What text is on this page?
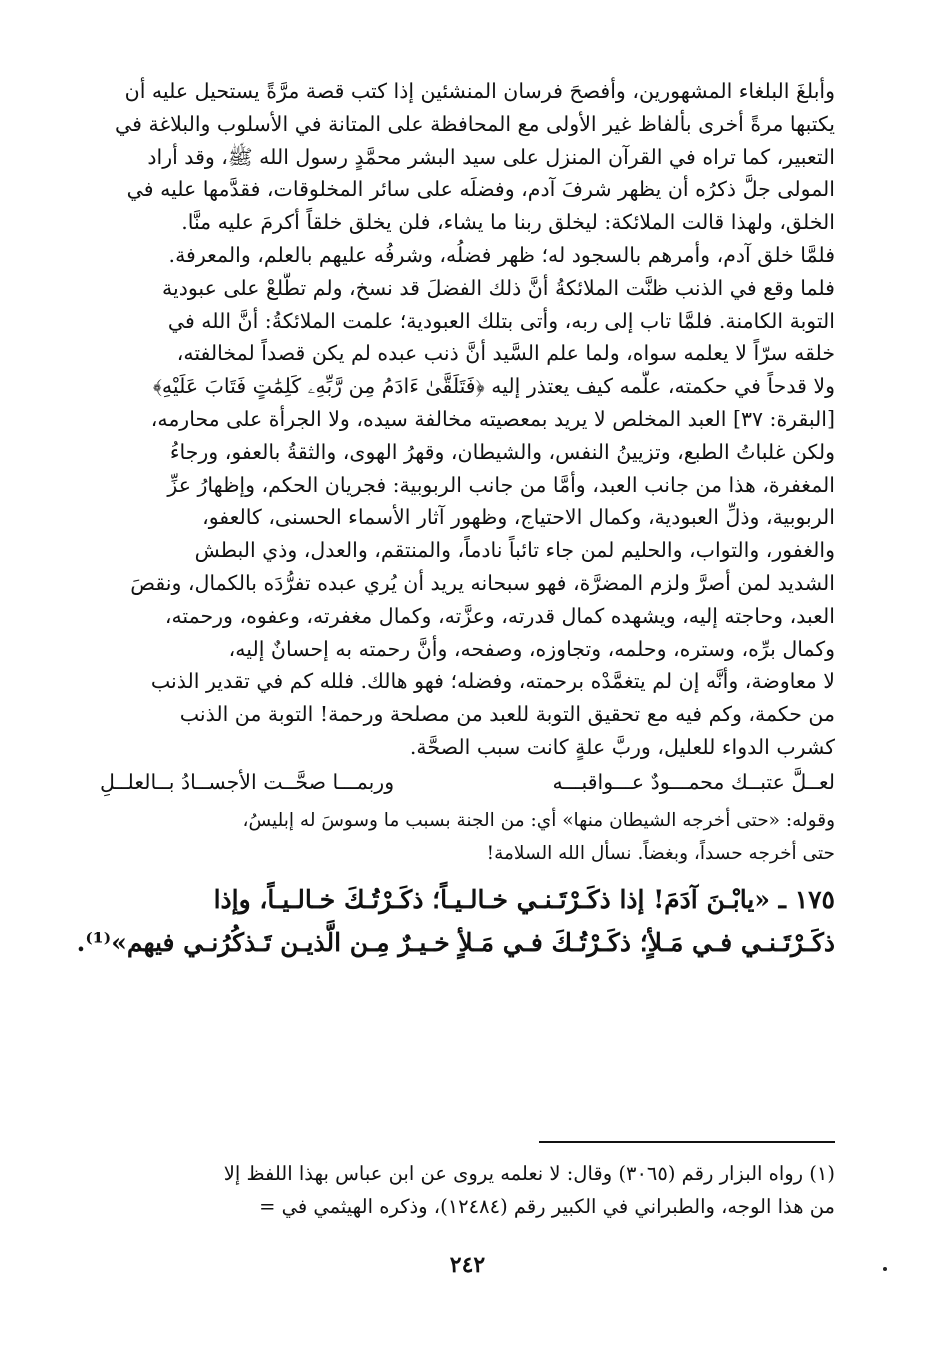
وأبلغَ البلغاء المشهورين، وأفصحَ فرسان المنشئين إذا كتب قصة مرَّةً يستحيل عليه أن
يكتبها مرةً أخرى بألفاظ غير الأولى مع المحافظة على المتانة في الأسلوب والبلاغة في
التعبير، كما تراه في القرآن المنزل على سيد البشر محمَّدٍ رسول الله ﷺ، وقد أراد
المولى جلَّ ذكرُه أن يظهر شرفَ آدم، وفضلَه على سائر المخلوقات، فقدَّمها عليه في
الخلق، ولهذا قالت الملائكة: ليخلق ربنا ما يشاء، فلن يخلق خلقاً أكرمَ عليه منَّا.
فلمَّا خلق آدم، وأمرهم بالسجود له؛ ظهر فضلُه، وشرفُه عليهم بالعلم، والمعرفة.
فلما وقع في الذنب ظنَّت الملائكةُ أنَّ ذلك الفضلَ قد نسخ، ولم تطَّلعْ على عبودية
التوبة الكامنة. فلمَّا تاب إلى ربه، وأتى بتلك العبودية؛ علمت الملائكةُ: أنَّ الله في
خلقه سرّاً لا يعلمه سواه، ولما علم السَّيد أنَّ ذنب عبده لم يكن قصداً لمخالفته،
ولا قدحاً في حكمته، علَّمه كيف يعتذر إليه ﴿فَتَلَقَّىٰ ءَادَمُ مِن رَّبِّهِۦ كَلِمَٰتٍ فَتَابَ عَلَيْهِ﴾
[البقرة: ٣٧] العبد المخلص لا يريد بمعصيته مخالفة سيده، ولا الجرأة على محارمه،
ولكن غلباتُ الطبع، وتزيينُ النفس، والشيطان، وقهرُ الهوى، والثقةُ بالعفو، ورجاءُ
المغفرة، هذا من جانب العبد، وأمَّا من جانب الربوبية: فجريان الحكم، وإظهارُ عزِّ
الربوبية، وذلِّ العبودية، وكمال الاحتياج، وظهور آثار الأسماء الحسنى، كالعفو،
والغفور، والتواب، والحليم لمن جاء تائباً نادماً، والمنتقم، والعدل، وذي البطش
الشديد لمن أصرَّ ولزم المضرَّة، فهو سبحانه يريد أن يُري عبده تفرُّدَه بالكمال، ونقصَ
العبد، وحاجته إليه، ويشهده كمال قدرته، وعزَّته، وكمال مغفرته، وعفوه، ورحمته،
وكمال برِّه، وستره، وحلمه، وتجاوزه، وصفحه، وأنَّ رحمته به إحسانٌ إليه،
لا معاوضة، وأنَّه إن لم يتغمَّدْه برحمته، وفضله؛ فهو هالك. فلله كم في تقدير الذنب
من حكمة، وكم فيه مع تحقيق التوبة للعبد من مصلحة ورحمة! التوبة من الذنب
كشرب الدواء للعليل، وربَّ علةٍ كانت سبب الصحَّة.
لعــلَّ عتبــك محمـــودٌ عـــواقبـــه
وربمـــا صحَّــت الأجســادُ بــالعلــلِ
وقوله: «حتى أخرجه الشيطان منها» أي: من الجنة بسبب ما وسوسَ له إبليسُ،
حتى أخرجه حسداً، وبغضاً. نسأل الله السلامة!
١٧٥ ـ «يابْـنَ آدَمَ! إذا ذكَـرْتَـنـي خـالـيـاً؛ ذكَـرْتُـكَ خـالـيـاً، وإذا
ذكَـرْتَـنـي فـي مَـلأٍ؛ ذكَـرْتُـكَ فـي مَـلأٍ خـيـرٌ مِـن الَّذيـن تَـذكُرُنـي فيهم»⁽¹⁾.
(١) رواه البزار رقم (٣٠٦٥) وقال: لا نعلمه يروى عن ابن عباس بهذا اللفظ إلا
من هذا الوجه، والطبراني في الكبير رقم (١٢٤٨٤)، وذكره الهيثمي في =
٢٤٢
